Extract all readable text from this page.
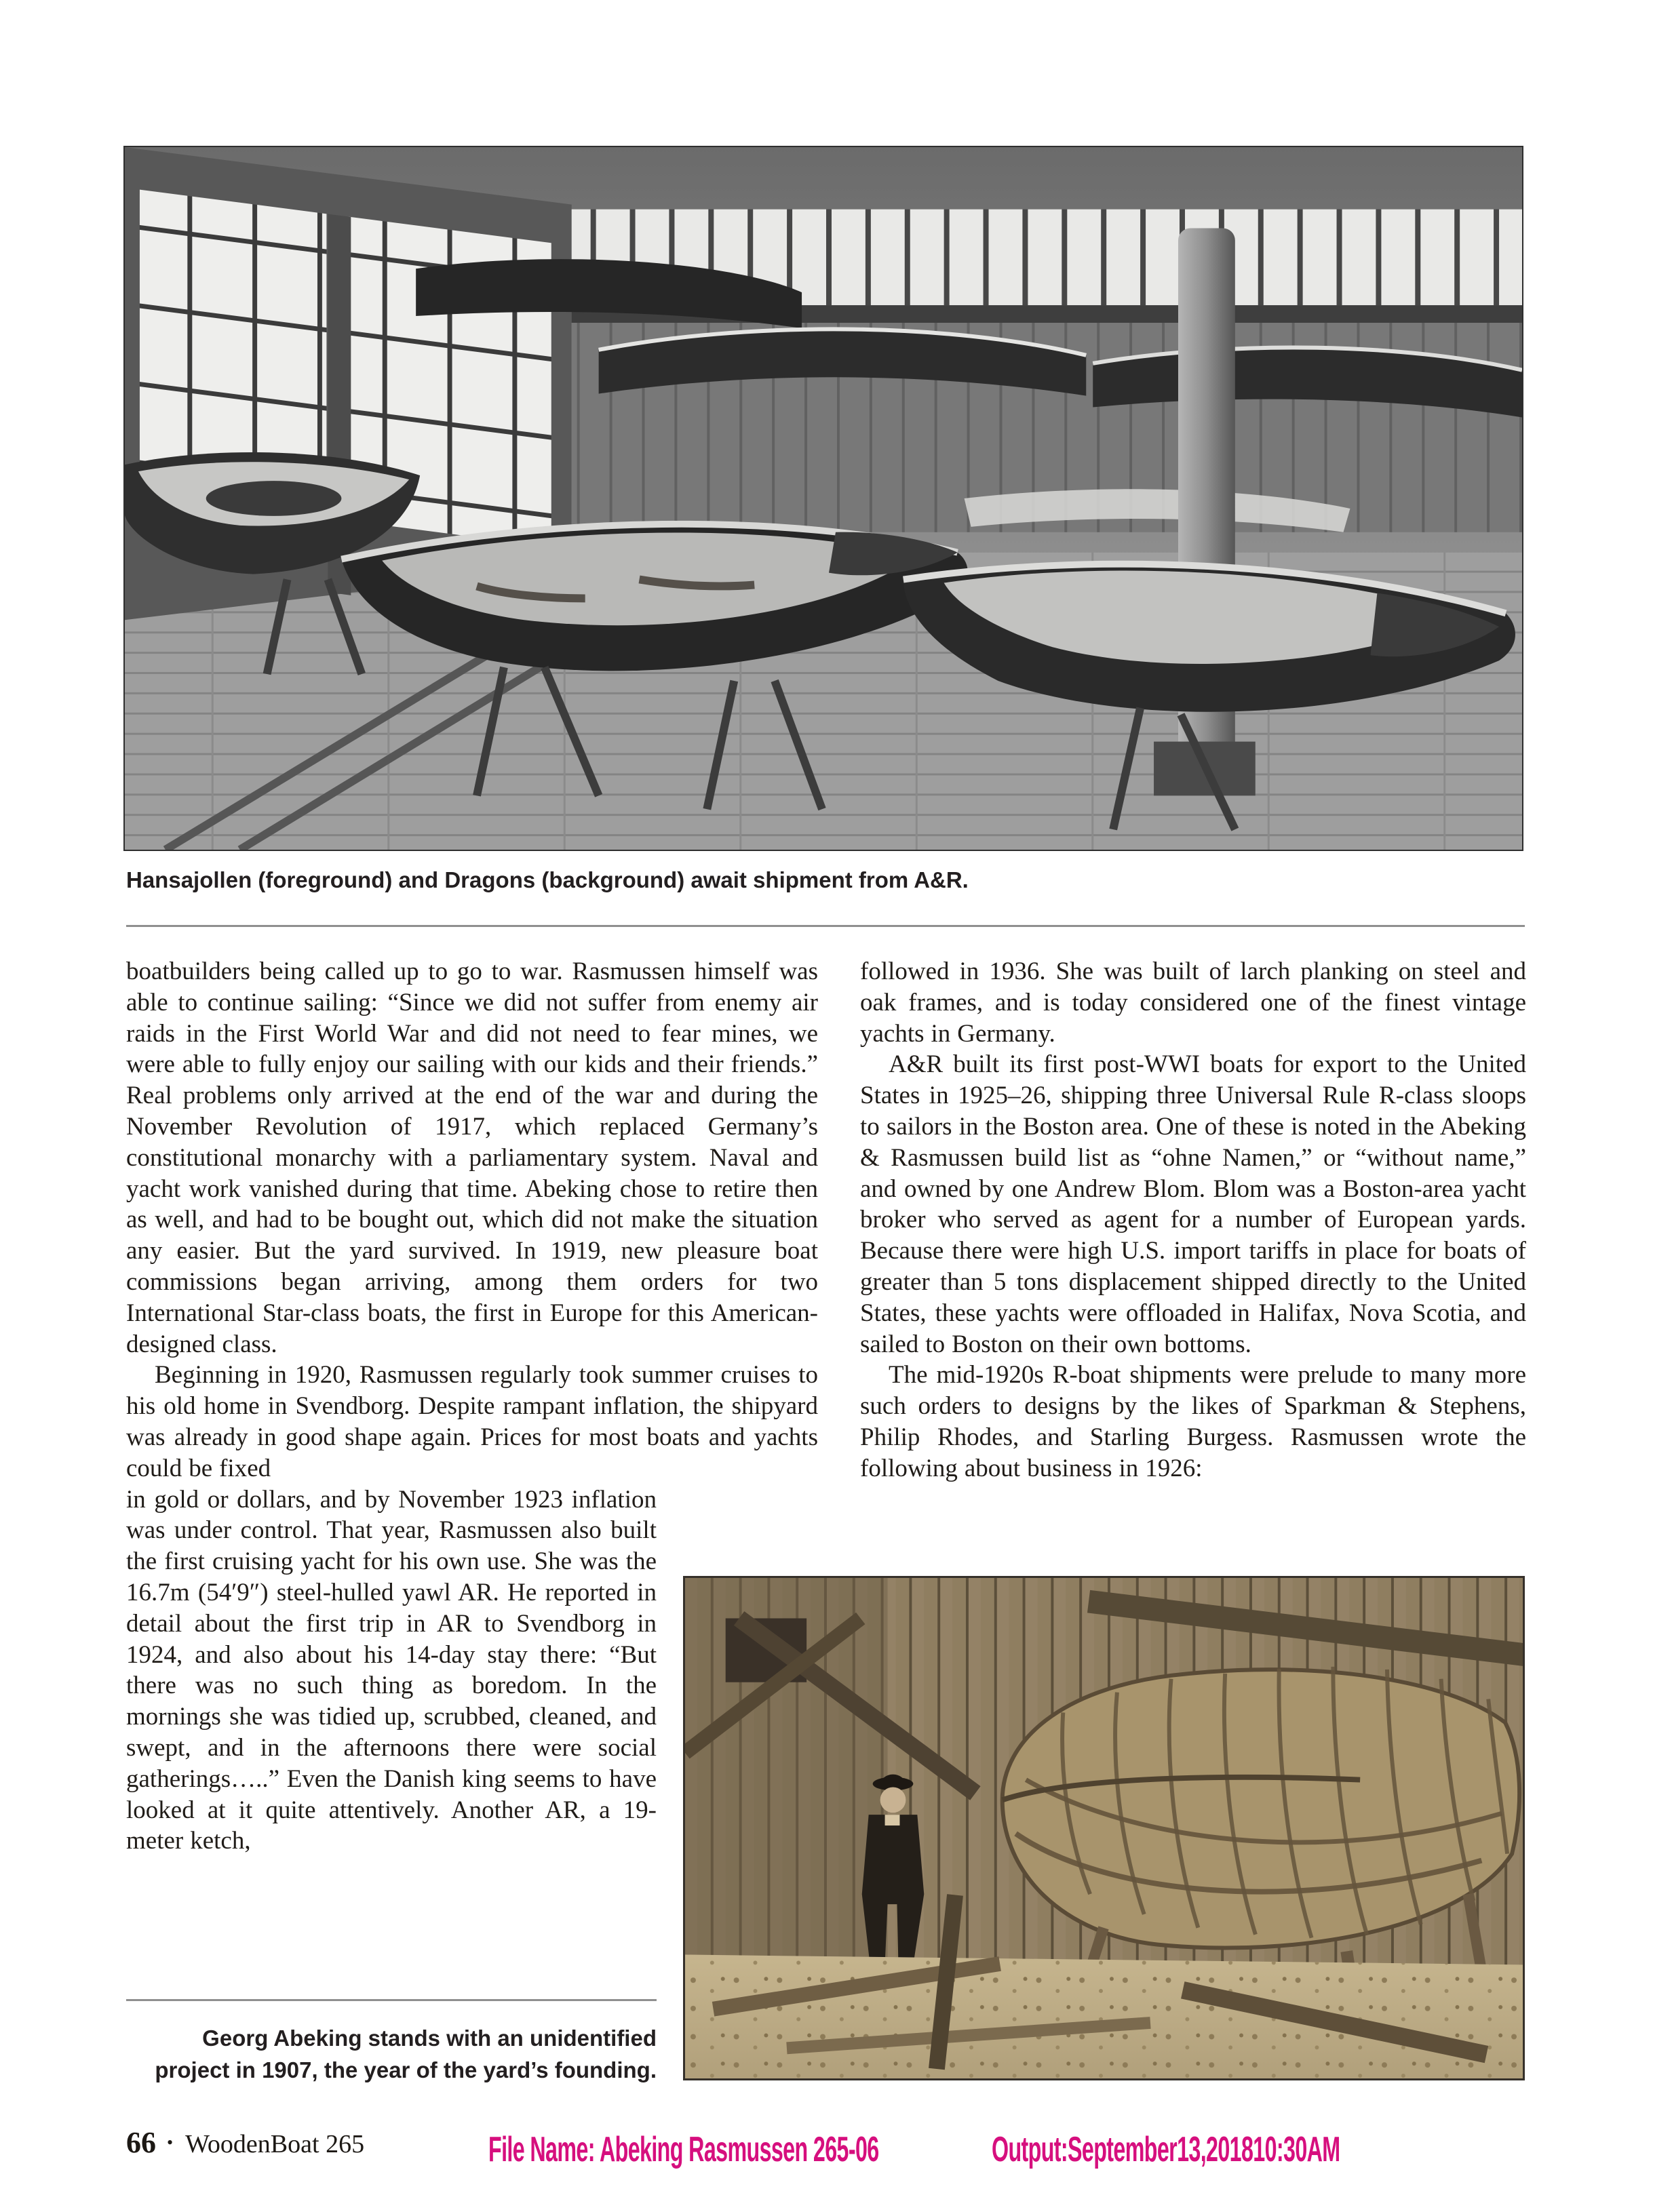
Hansajollen (foreground) and Dragons (background) await shipment from A&R.

boatbuilders being called up to go to war. Rasmussen himself was able to continue sailing: “Since we did not suffer from enemy air raids in the First World War and did not need to fear mines, we were able to fully enjoy our sailing with our kids and their friends.” Real problems only arrived at the end of the war and during the November Revolution of 1917, which replaced Germany’s constitutional monarchy with a parliamentary system. Naval and yacht work vanished during that time. Abeking chose to retire then as well, and had to be bought out, which did not make the situation any easier. But the yard survived. In 1919, new pleasure boat commissions began arriving, among them orders for two International Star-class boats, the first in Europe for this American-designed class.

Beginning in 1920, Rasmussen regularly took summer cruises to his old home in Svendborg. Despite rampant inflation, the shipyard was already in good shape again. Prices for most boats and yachts could be fixed

in gold or dollars, and by November 1923 inflation was under control. That year, Rasmussen also built the first cruising yacht for his own use. She was the 16.7m (54′9″) steel-hulled yawl AR. He reported in detail about the first trip in AR to Svendborg in 1924, and also about his 14-day stay there: “But there was no such thing as boredom. In the mornings she was tidied up, scrubbed, cleaned, and swept, and in the afternoons there were social gatherings…..” Even the Danish king seems to have looked at it quite attentively. Another AR, a 19-meter ketch,

followed in 1936. She was built of larch planking on steel and oak frames, and is today considered one of the finest vintage yachts in Germany.

A&R built its first post-WWI boats for export to the United States in 1925–26, shipping three Universal Rule R-class sloops to sailors in the Boston area. One of these is noted in the Abeking & Rasmussen build list as “ohne Namen,” or “without name,” and owned by one Andrew Blom. Blom was a Boston-area yacht broker who served as agent for a number of European yards. Because there were high U.S. import tariffs in place for boats of greater than 5 tons displacement shipped directly to the United States, these yachts were offloaded in Halifax, Nova Scotia, and sailed to Boston on their own bottoms.

The mid-1920s R-boat shipments were prelude to many more such orders to designs by the likes of Sparkman & Stephens, Philip Rhodes, and Starling Burgess. Rasmussen wrote the following about business in 1926:

Georg Abeking stands with an unidentified
project in 1907, the year of the yard’s founding.
66 • WoodenBoat 265	File Name: Abeking Rasmussen 265-06	Output:September13,201810:30AM
